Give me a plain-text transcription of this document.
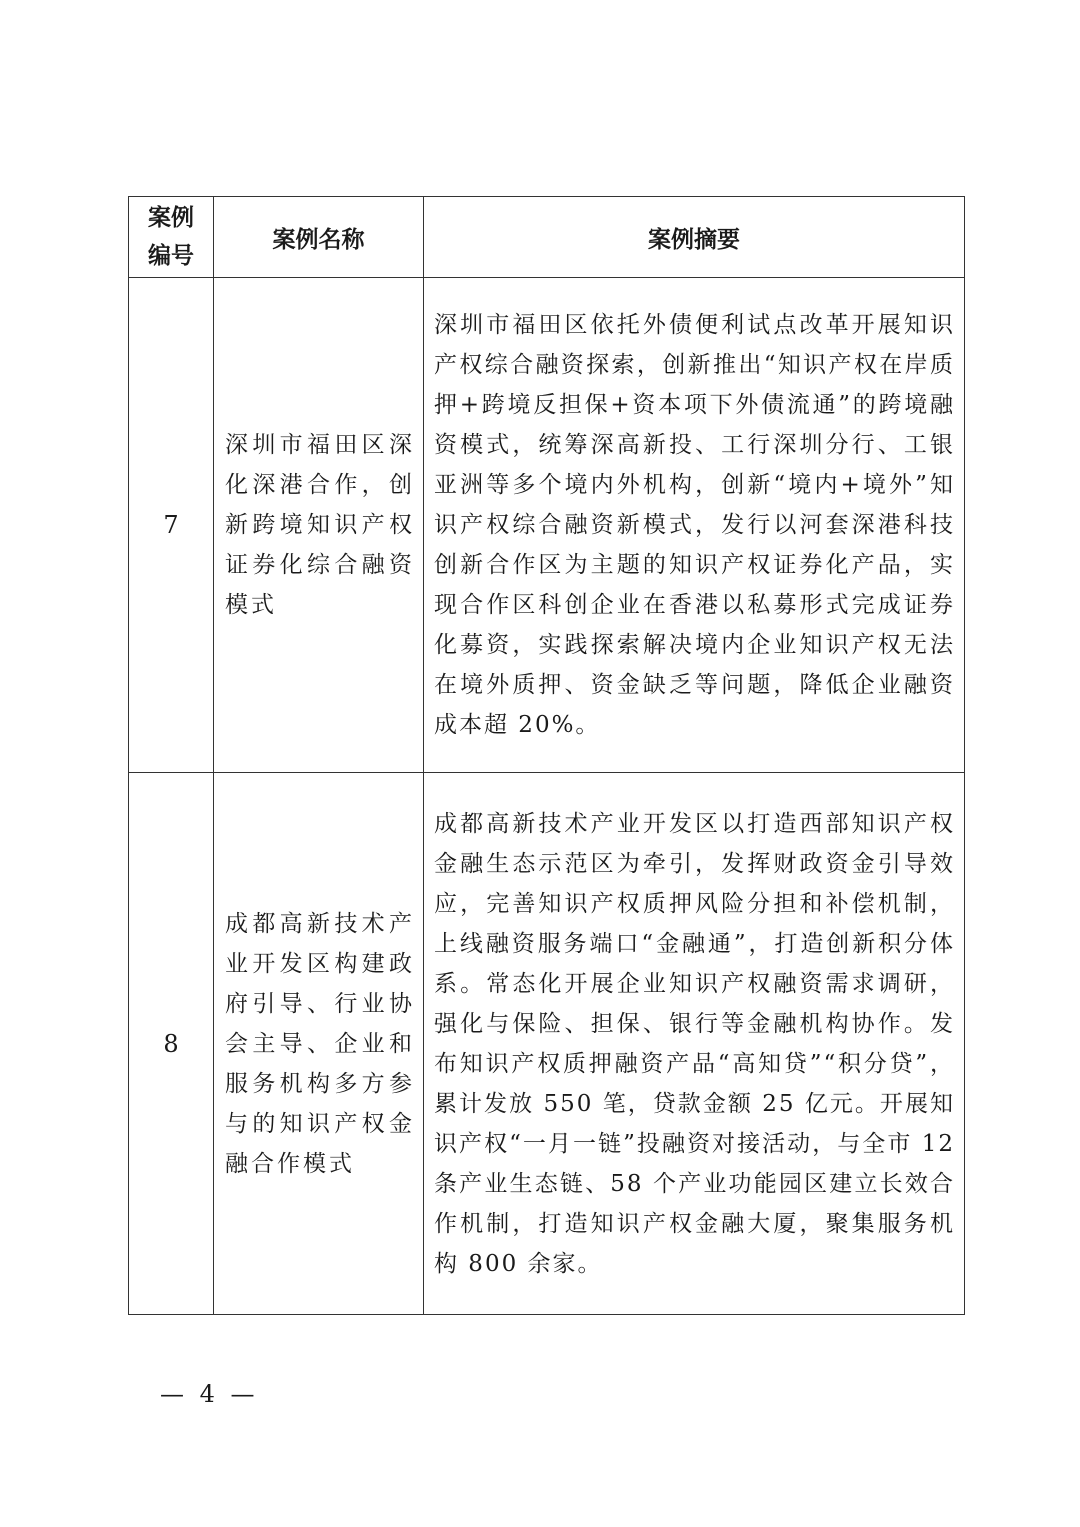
案例编号	案例名称	案例摘要
7	深圳市福田区深化深港合作，创新跨境知识产权证券化综合融资模式	深圳市福田区依托外债便利试点改革开展知识产权综合融资探索，创新推出“知识产权在岸质押+跨境反担保+资本项下外债流通”的跨境融资模式，统筹深高新投、工行深圳分行、工银亚洲等多个境内外机构，创新“境内+境外”知识产权综合融资新模式，发行以河套深港科技创新合作区为主题的知识产权证券化产品，实现合作区科创企业在香港以私募形式完成证券化募资，实践探索解决境内企业知识产权无法在境外质押、资金缺乏等问题，降低企业融资成本超 20%。
8	成都高新技术产业开发区构建政府引导、行业协会主导、企业和服务机构多方参与的知识产权金融合作模式	成都高新技术产业开发区以打造西部知识产权金融生态示范区为牵引，发挥财政资金引导效应，完善知识产权质押风险分担和补偿机制，上线融资服务端口“金融通”，打造创新积分体系。常态化开展企业知识产权融资需求调研，强化与保险、担保、银行等金融机构协作。发布知识产权质押融资产品“高知贷”“积分贷”，累计发放 550 笔，贷款金额 25 亿元。开展知识产权“一月一链”投融资对接活动，与全市 12 条产业生态链、58 个产业功能园区建立长效合作机制，打造知识产权金融大厦，聚集服务机构 800 余家。
— 4 —
